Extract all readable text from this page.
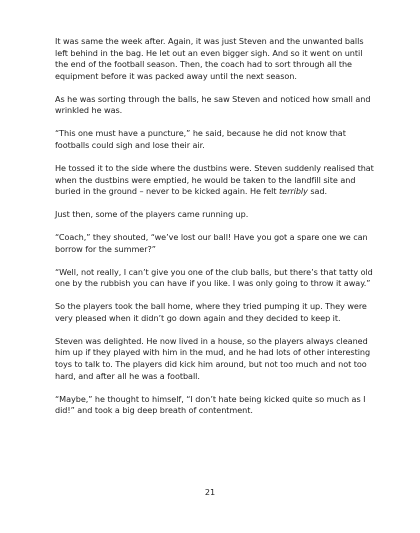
It was same the week after. Again, it was just Steven and the unwanted balls left behind in the bag. He let out an even bigger sigh. And so it went on until the end of the football season. Then, the coach had to sort through all the equipment before it was packed away until the next season.

As he was sorting through the balls, he saw Steven and noticed how small and wrinkled he was.

“This one must have a puncture,” he said, because he did not know that footballs could sigh and lose their air.

He tossed it to the side where the dustbins were. Steven suddenly realised that when the dustbins were emptied, he would be taken to the landfill site and buried in the ground – never to be kicked again. He felt terribly sad.

Just then, some of the players came running up.

“Coach,” they shouted, “we’ve lost our ball! Have you got a spare one we can borrow for the summer?”

“Well, not really, I can’t give you one of the club balls, but there’s that tatty old one by the rubbish you can have if you like. I was only going to throw it away.”

So the players took the ball home, where they tried pumping it up. They were very pleased when it didn’t go down again and they decided to keep it.

Steven was delighted. He now lived in a house, so the players always cleaned him up if they played with him in the mud, and he had lots of other interesting toys to talk to. The players did kick him around, but not too much and not too hard, and after all he was a football.

“Maybe,” he thought to himself, “I don’t hate being kicked quite so much as I did!” and took a big deep breath of contentment.

21
